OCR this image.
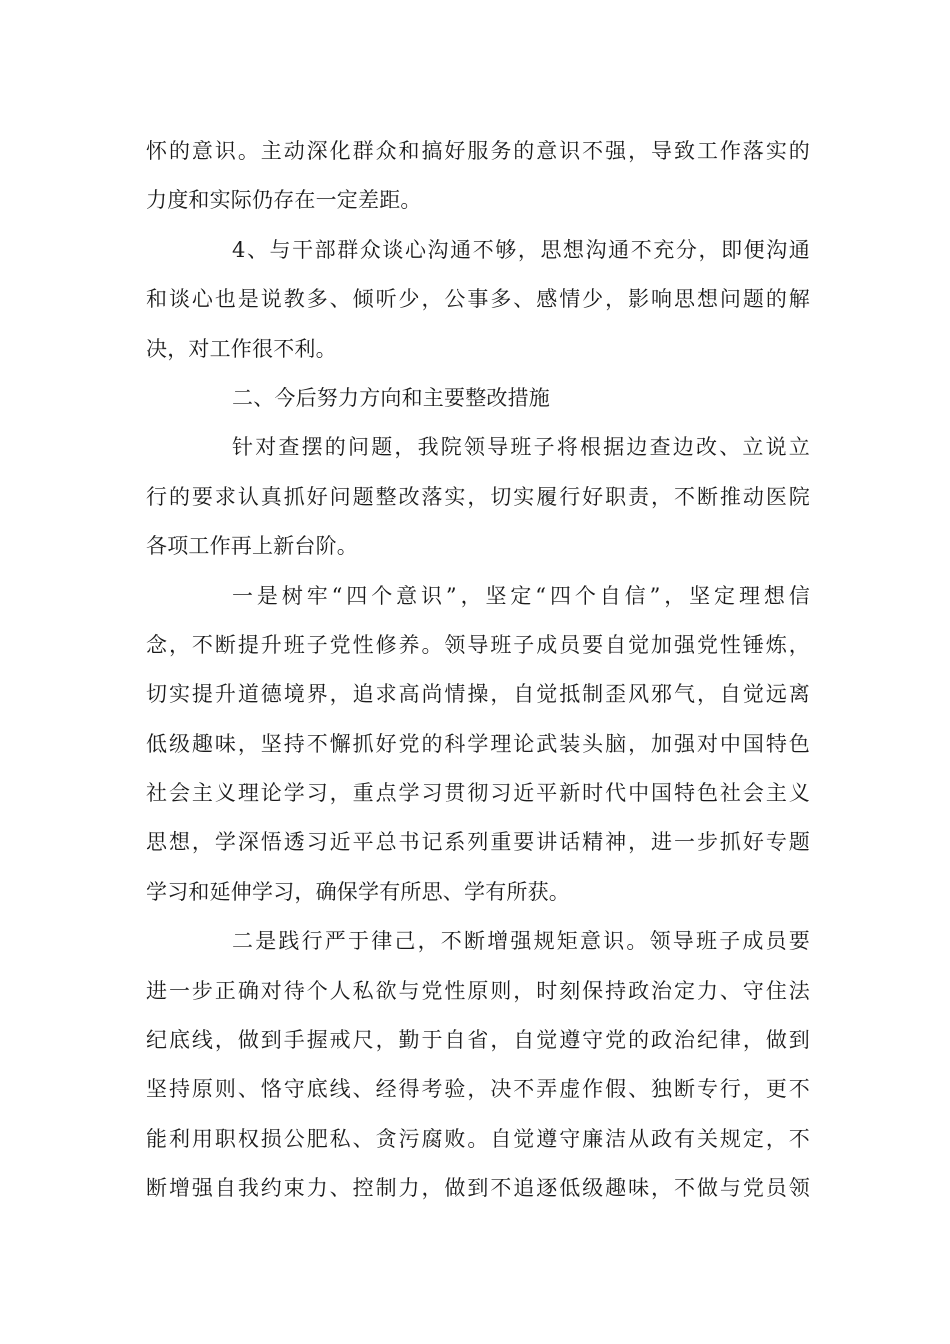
怀的意识。主动深化群众和搞好服务的意识不强，导致工作落实的
力度和实际仍存在一定差距。
4、与干部群众谈心沟通不够，思想沟通不充分，即便沟通
和谈心也是说教多、倾听少，公事多、感情少，影响思想问题的解
决，对工作很不利。
二、今后努力方向和主要整改措施
针对查摆的问题，我院领导班子将根据边查边改、立说立
行的要求认真抓好问题整改落实，切实履行好职责，不断推动医院
各项工作再上新台阶。
一是树牢“四个意识”，坚定“四个自信”，坚定理想信
念，不断提升班子党性修养。领导班子成员要自觉加强党性锤炼，
切实提升道德境界，追求高尚情操，自觉抵制歪风邪气，自觉远离
低级趣味，坚持不懈抓好党的科学理论武装头脑，加强对中国特色
社会主义理论学习，重点学习贯彻习近平新时代中国特色社会主义
思想，学深悟透习近平总书记系列重要讲话精神，进一步抓好专题
学习和延伸学习，确保学有所思、学有所获。
二是践行严于律己，不断增强规矩意识。领导班子成员要
进一步正确对待个人私欲与党性原则，时刻保持政治定力、守住法
纪底线，做到手握戒尺，勤于自省，自觉遵守党的政治纪律，做到
坚持原则、恪守底线、经得考验，决不弄虚作假、独断专行，更不
能利用职权损公肥私、贪污腐败。自觉遵守廉洁从政有关规定，不
断增强自我约束力、控制力，做到不追逐低级趣味，不做与党员领
